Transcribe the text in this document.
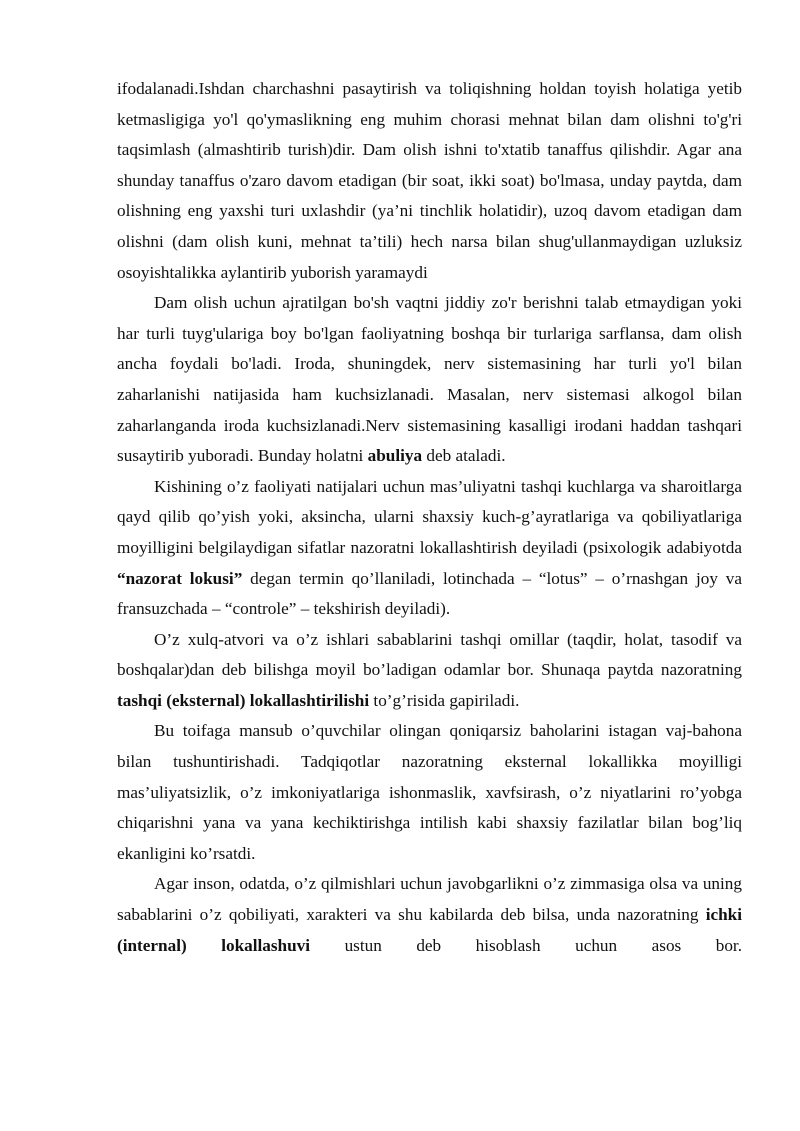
ifodalanadi.Ishdan charchashni pasaytirish va toliqishning holdan toyish holatiga yetib ketmasligiga yo'l qo'ymaslikning eng muhim chorasi mehnat bilan dam olishni to'g'ri taqsimlash (almashtirib turish)dir. Dam olish ishni to'xtatib tanaffus qilishdir. Agar ana shunday tanaffus o'zaro davom etadigan (bir soat, ikki soat) bo'lmasa, unday paytda, dam olishning eng yaxshi turi uxlashdir (ya’ni tinchlik holatidir), uzoq davom etadigan dam olishni (dam olish kuni, mehnat ta’tili) hech narsa bilan shug'ullanmaydigan uzluksiz osoyishtalikka aylantirib yuborish yaramaydi

Dam olish uchun ajratilgan bo'sh vaqtni jiddiy zo'r berishni talab etmaydigan yoki har turli tuyg'ulariga boy bo'lgan faoliyatning boshqa bir turlariga sarflansa, dam olish ancha foydali bo'ladi. Iroda, shuningdek, nerv sistemasining har turli yo'l bilan zaharlanishi natijasida ham kuchsizlanadi. Masalan, nerv sistemasi alkogol bilan zaharlanganda iroda kuchsizlanadi.Nerv sistemasining kasalligi irodani haddan tashqari susaytirib yuboradi. Bunday holatni abuliya deb ataladi.

Kishining o’z faoliyati natijalari uchun mas’uliyatni tashqi kuchlarga va sharoitlarga qayd qilib qo’yish yoki, aksincha, ularni shaxsiy kuch-g’ayratlariga va qobiliyatlariga moyilligini belgilaydigan sifatlar nazoratni lokallashtirish deyiladi (psixologik adabiyotda “nazorat lokusi” degan termin qo’llaniladi, lotinchada – “lotus” – o’rnashgan joy va fransuzchada – “controle” – tekshirish deyiladi).

O’z xulq-atvori va o’z ishlari sabablarini tashqi omillar (taqdir, holat, tasodif va boshqalar)dan deb bilishga moyil bo’ladigan odamlar bor. Shunaqa paytda nazoratning tashqi (eksternal) lokallashtirilishi to’g’risida gapiriladi.

Bu toifaga mansub o’quvchilar olingan qoniqarsiz baholarini istagan vaj-bahona bilan tushuntirishadi. Tadqiqotlar nazoratning eksternal lokallikka moyilligi mas’uliyatsizlik, o’z imkoniyatlariga ishonmaslik, xavfsirash, o’z niyatlarini ro’yobga chiqarishni yana va yana kechiktirishga intilish kabi shaxsiy fazilatlar bilan bog’liq ekanligini ko’rsatdi.

Agar inson, odatda, o’z qilmishlari uchun javobgarlikni o’z zimmasiga olsa va uning sabablarini o’z qobiliyati, xarakteri va shu kabilarda deb bilsa, unda nazoratning ichki (internal) lokallashuvi ustun deb hisoblash uchun asos bor.
